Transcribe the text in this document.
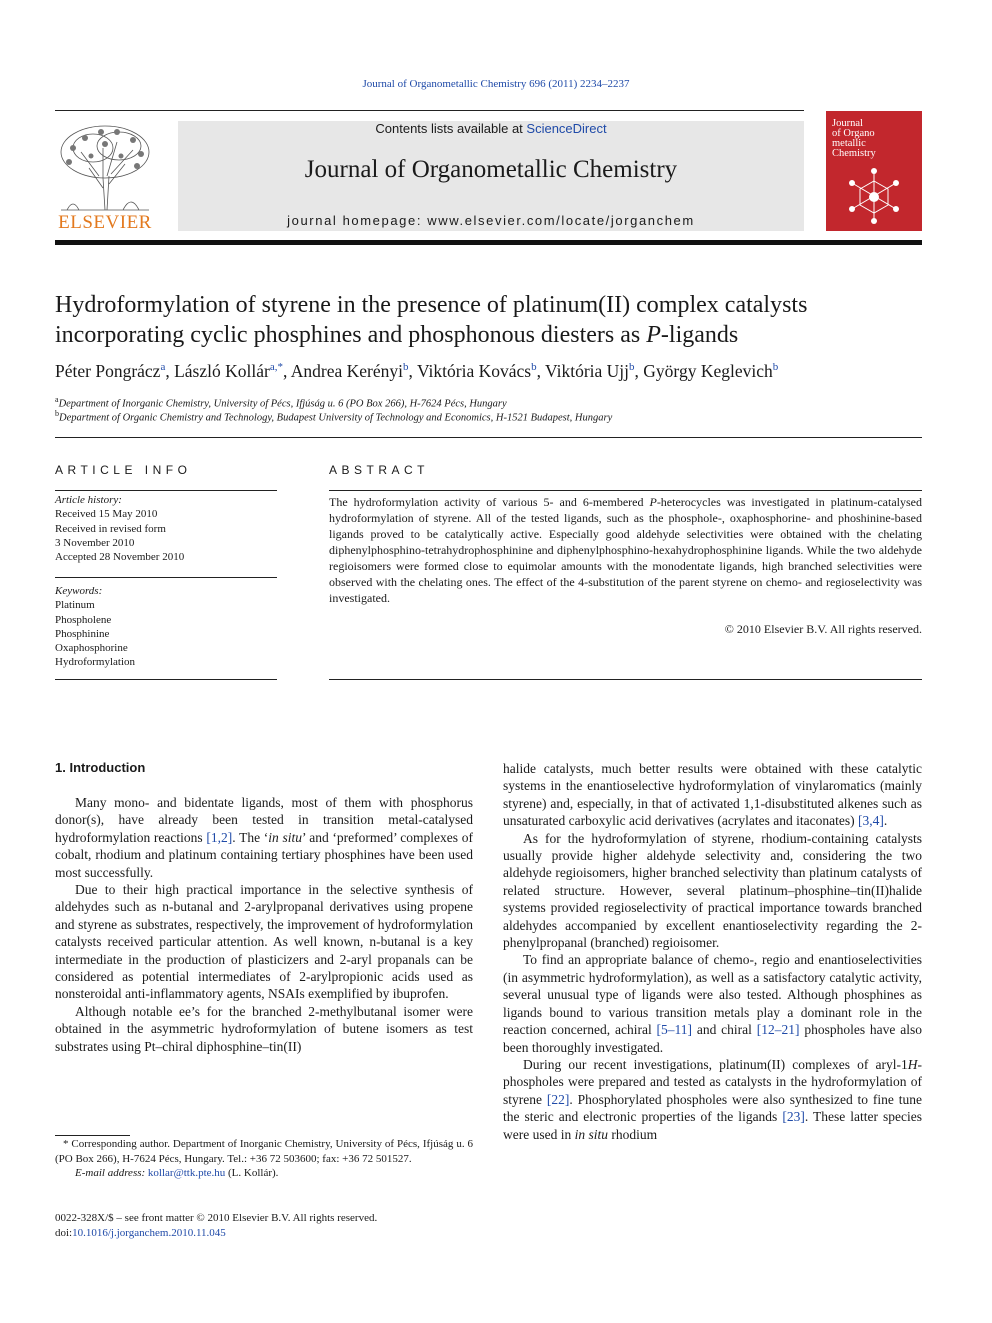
Journal of Organometallic Chemistry 696 (2011) 2234–2237
ELSEVIER
Contents lists available at ScienceDirect
Journal of Organometallic Chemistry
journal homepage: www.elsevier.com/locate/jorganchem
Journal
of Organo
metallic
Chemistry
Hydroformylation of styrene in the presence of platinum(II) complex catalysts
incorporating cyclic phosphines and phosphonous diesters as P-ligands
Péter Pongrácz$^a$, László Kollár$^{a,*}$, Andrea Kerényi$^b$, Viktória Kovács$^b$, Viktória Ujj$^b$, György Keglevich$^b$
$^a$Department of Inorganic Chemistry, University of Pécs, Ifjúság u. 6 (PO Box 266), H-7624 Pécs, Hungary
$^b$Department of Organic Chemistry and Technology, Budapest University of Technology and Economics, H-1521 Budapest, Hungary
ARTICLE INFO
Article history:
Received 15 May 2010
Received in revised form
3 November 2010
Accepted 28 November 2010
Keywords:
Platinum
Phospholene
Phosphinine
Oxaphosphorine
Hydroformylation
ABSTRACT
The hydroformylation activity of various 5- and 6-membered P-heterocycles was investigated in platinum-catalysed hydroformylation of styrene. All of the tested ligands, such as the phosphole-, oxaphosphorine- and phoshinine-based ligands proved to be catalytically active. Especially good aldehyde selectivities were obtained with the chelating diphenylphosphino-tetrahydrophosphinine and diphenylphosphino-hexahydrophosphinine ligands. While the two aldehyde regioisomers were formed close to equimolar amounts with the monodentate ligands, high branched selectivities were observed with the chelating ones. The effect of the 4-substitution of the parent styrene on chemo- and regioselectivity was investigated.
© 2010 Elsevier B.V. All rights reserved.
1. Introduction

Many mono- and bidentate ligands, most of them with phosphorus donor(s), have already been tested in transition metal-catalysed hydroformylation reactions [1,2]. The ‘in situ’ and ‘preformed’ complexes of cobalt, rhodium and platinum containing tertiary phosphines have been used most successfully.

Due to their high practical importance in the selective synthesis of aldehydes such as n-butanal and 2-arylpropanal derivatives using propene and styrene as substrates, respectively, the improvement of hydroformylation catalysts received particular attention. As well known, n-butanal is a key intermediate in the production of plasticizers and 2-aryl propanals can be considered as potential intermediates of 2-arylpropionic acids used as nonsteroidal anti-inflammatory agents, NSAIs exemplified by ibuprofen.

Although notable ee’s for the branched 2-methylbutanal isomer were obtained in the asymmetric hydroformylation of butene isomers as test substrates using Pt–chiral diphosphine–tin(II)

halide catalysts, much better results were obtained with these catalytic systems in the enantioselective hydroformylation of vinylaromatics (mainly styrene) and, especially, in that of activated 1,1-disubstituted alkenes such as unsaturated carboxylic acid derivatives (acrylates and itaconates) [3,4].

As for the hydroformylation of styrene, rhodium-containing catalysts usually provide higher aldehyde selectivity and, considering the two aldehyde regioisomers, higher branched selectivity than platinum catalysts of related structure. However, several platinum–phosphine–tin(II)halide systems provided regioselectivity of practical importance towards branched aldehydes accompanied by excellent enantioselectivity regarding the 2-phenylpropanal (branched) regioisomer.

To find an appropriate balance of chemo-, regio and enantioselectivities (in asymmetric hydroformylation), as well as a satisfactory catalytic activity, several unusual type of ligands were also tested. Although phosphines as ligands bound to various transition metals play a dominant role in the reaction concerned, achiral [5–11] and chiral [12–21] phospholes have also been thoroughly investigated.

During our recent investigations, platinum(II) complexes of aryl-1H-phospholes were prepared and tested as catalysts in the hydroformylation of styrene [22]. Phosphorylated phospholes were also synthesized to fine tune the steric and electronic properties of the ligands [23]. These latter species were used in in situ rhodium

* Corresponding author. Department of Inorganic Chemistry, University of Pécs, Ifjúság u. 6 (PO Box 266), H-7624 Pécs, Hungary. Tel.: +36 72 503600; fax: +36 72 501527.

E-mail address: kollar@ttk.pte.hu (L. Kollár).

0022-328X/$ – see front matter © 2010 Elsevier B.V. All rights reserved.
doi:10.1016/j.jorganchem.2010.11.045
